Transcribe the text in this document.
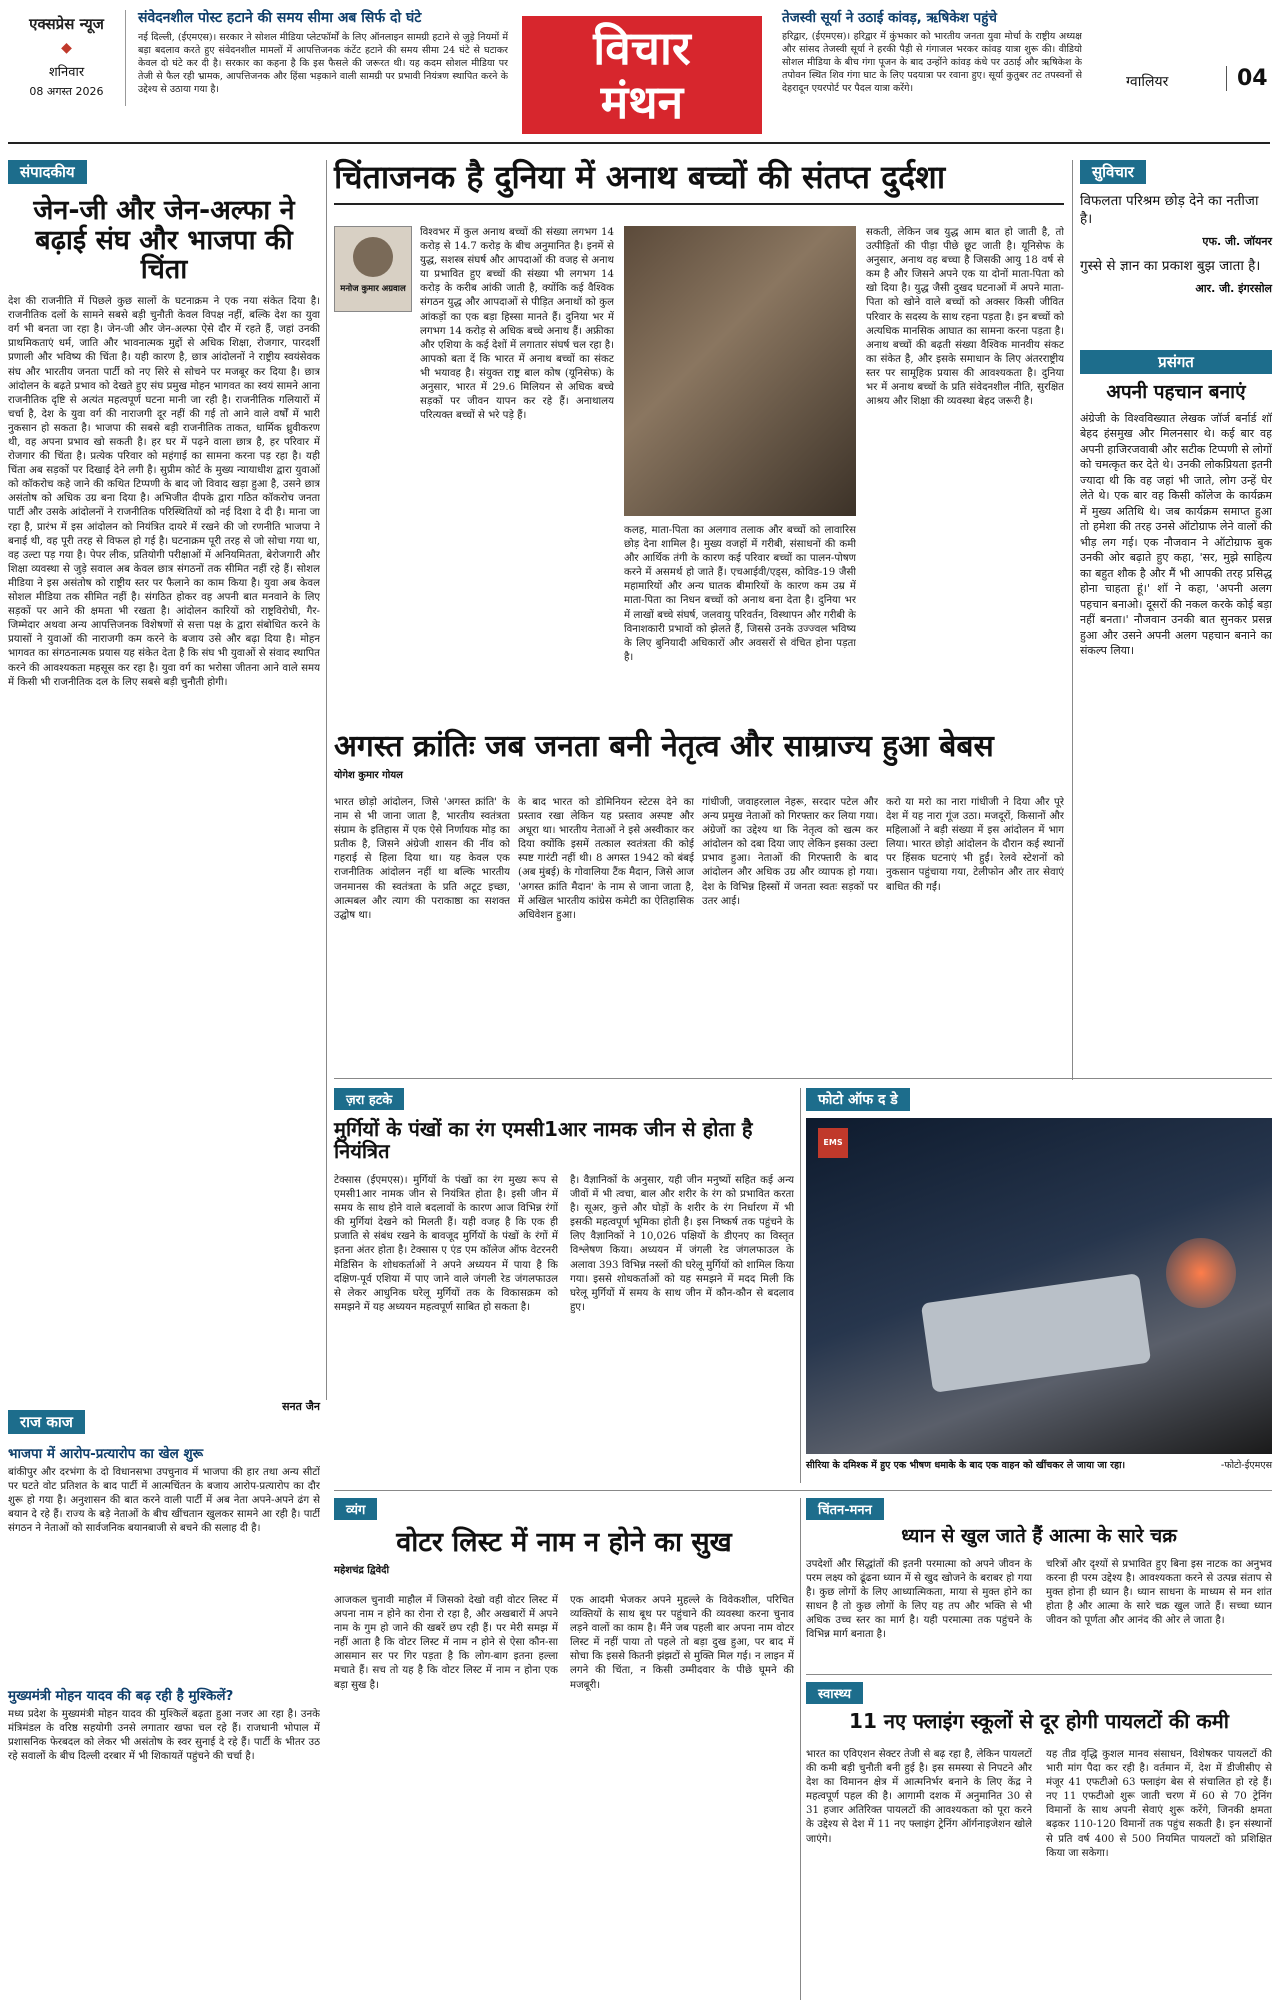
एक्सप्रेस न्यूज
◆
शनिवार
08 अगस्त 2026
संवेदनशील पोस्ट हटाने की समय सीमा अब सिर्फ दो घंटे
नई दिल्ली, (ईएमएस)। सरकार ने सोशल मीडिया प्लेटफॉर्मों के लिए ऑनलाइन सामग्री हटाने से जुड़े नियमों में बड़ा बदलाव करते हुए संवेदनशील मामलों में आपत्तिजनक कंटेंट हटाने की समय सीमा 24 घंटे से घटाकर केवल दो घंटे कर दी है। सरकार का कहना है कि इस फैसले की जरूरत थी। यह कदम सोशल मीडिया पर तेजी से फैल रही भ्रामक, आपत्तिजनक और हिंसा भड़काने वाली सामग्री पर प्रभावी नियंत्रण स्थापित करने के उद्देश्य से उठाया गया है।
विचार
मंथन
तेजस्वी सूर्या ने उठाई कांवड़, ऋषिकेश पहुंचे
हरिद्वार, (ईएमएस)। हरिद्वार में कुंभकार को भारतीय जनता युवा मोर्चा के राष्ट्रीय अध्यक्ष और सांसद तेजस्वी सूर्या ने हरकी पैड़ी से गंगाजल भरकर कांवड़ यात्रा शुरू की। वीडियो सोशल मीडिया के बीच गंगा पूजन के बाद उन्होंने कांवड़ कंधे पर उठाई और ऋषिकेश के तपोवन स्थित शिव गंगा घाट के लिए पदयात्रा पर रवाना हुए। सूर्या कुतुबर तट तपस्वनों से देहरादून एयरपोर्ट पर पैदल यात्रा करेंगे।	ग्वालियर	04
संपादकीय
जेन-जी और जेन-अल्फा ने बढ़ाई संघ और भाजपा की चिंता
देश की राजनीति में पिछले कुछ सालों के घटनाक्रम ने एक नया संकेत दिया है। राजनीतिक दलों के सामने सबसे बड़ी चुनौती केवल विपक्ष नहीं, बल्कि देश का युवा वर्ग भी बनता जा रहा है। जेन-जी और जेन-अल्फा ऐसे दौर में रहते हैं, जहां उनकी प्राथमिकताएं धर्म, जाति और भावनात्मक मुद्दों से अधिक शिक्षा, रोजगार, पारदर्शी प्रणाली और भविष्य की चिंता है। यही कारण है, छात्र आंदोलनों ने राष्ट्रीय स्वयंसेवक संघ और भारतीय जनता पार्टी को नए सिरे से सोचने पर मजबूर कर दिया है। छात्र आंदोलन के बढ़ते प्रभाव को देखते हुए संघ प्रमुख मोहन भागवत का स्वयं सामने आना राजनीतिक दृष्टि से अत्यंत महत्वपूर्ण घटना मानी जा रही है। राजनीतिक गलियारों में चर्चा है, देश के युवा वर्ग की नाराजगी दूर नहीं की गई तो आने वाले वर्षों में भारी नुकसान हो सकता है। भाजपा की सबसे बड़ी राजनीतिक ताकत, धार्मिक ध्रुवीकरण थी, वह अपना प्रभाव खो सकती है। हर घर में पढ़ने वाला छात्र है, हर परिवार में रोजगार की चिंता है। प्रत्येक परिवार को महंगाई का सामना करना पड़ रहा है। यही चिंता अब सड़कों पर दिखाई देने लगी है। सुप्रीम कोर्ट के मुख्य न्यायाधीश द्वारा युवाओं को कॉकरोच कहे जाने की कथित टिप्पणी के बाद जो विवाद खड़ा हुआ है, उसने छात्र असंतोष को अधिक उग्र बना दिया है। अभिजीत दीपके द्वारा गठित कॉकरोच जनता पार्टी और उसके आंदोलनों ने राजनीतिक परिस्थितियों को नई दिशा दे दी है। माना जा रहा है, प्रारंभ में इस आंदोलन को नियंत्रित दायरे में रखने की जो रणनीति भाजपा ने बनाई थी, वह पूरी तरह से विफल हो गई है। घटनाक्रम पूरी तरह से जो सोचा गया था, वह उल्टा पड़ गया है। पेपर लीक, प्रतियोगी परीक्षाओं में अनियमितता, बेरोजगारी और शिक्षा व्यवस्था से जुड़े सवाल अब केवल छात्र संगठनों तक सीमित नहीं रहे हैं। सोशल मीडिया ने इस असंतोष को राष्ट्रीय स्तर पर फैलाने का काम किया है। युवा अब केवल सोशल मीडिया तक सीमित नहीं है। संगठित होकर वह अपनी बात मनवाने के लिए सड़कों पर आने की क्षमता भी रखता है। आंदोलन कारियों को राष्ट्रविरोधी, गैर-जिम्मेदार अथवा अन्य आपत्तिजनक विशेषणों से सत्ता पक्ष के द्वारा संबोधित करने के प्रयासों ने युवाओं की नाराजगी कम करने के बजाय उसे और बढ़ा दिया है। मोहन भागवत का संगठनात्मक प्रयास यह संकेत देता है कि संघ भी युवाओं से संवाद स्थापित करने की आवश्यकता महसूस कर रहा है। युवा वर्ग का भरोसा जीतना आने वाले समय में किसी भी राजनीतिक दल के लिए सबसे बड़ी चुनौती होगी।
सनत जैन
चिंताजनक है दुनिया में अनाथ बच्चों की संतप्त दुर्दशा
मनोज कुमार अग्रवाल
विश्वभर में कुल अनाथ बच्चों की संख्या लगभग 14 करोड़ से 14.7 करोड़ के बीच अनुमानित है। इनमें से युद्ध, सशस्त्र संघर्ष और आपदाओं की वजह से अनाथ या प्रभावित हुए बच्चों की संख्या भी लगभग 14 करोड़ के करीब आंकी जाती है, क्योंकि कई वैश्विक संगठन युद्ध और आपदाओं से पीड़ित अनाथों को कुल आंकड़ों का एक बड़ा हिस्सा मानते हैं। दुनिया भर में लगभग 14 करोड़ से अधिक बच्चे अनाथ हैं। अफ्रीका और एशिया के कई देशों में लगातार संघर्ष चल रहा है। आपको बता दें कि भारत में अनाथ बच्चों का संकट भी भयावह है। संयुक्त राष्ट्र बाल कोष (यूनिसेफ) के अनुसार, भारत में 29.6 मिलियन से अधिक बच्चे सड़कों पर जीवन यापन कर रहे हैं। अनाथालय परित्यक्त बच्चों से भरे पड़े हैं।
कलह, माता-पिता का अलगाव तलाक और बच्चों को लावारिस छोड़ देना शामिल है। मुख्य वजहों में गरीबी, संसाधनों की कमी और आर्थिक तंगी के कारण कई परिवार बच्चों का पालन-पोषण करने में असमर्थ हो जाते हैं। एचआईवी/एड्स, कोविड-19 जैसी महामारियों और अन्य घातक बीमारियों के कारण कम उम्र में माता-पिता का निधन बच्चों को अनाथ बना देता है। दुनिया भर में लाखों बच्चे संघर्ष, जलवायु परिवर्तन, विस्थापन और गरीबी के विनाशकारी प्रभावों को झेलते हैं, जिससे उनके उज्ज्वल भविष्य के लिए बुनियादी अधिकारों और अवसरों से वंचित होना पड़ता है।
सकती, लेकिन जब युद्ध आम बात हो जाती है, तो उत्पीड़ितों की पीड़ा पीछे छूट जाती है। यूनिसेफ के अनुसार, अनाथ वह बच्चा है जिसकी आयु 18 वर्ष से कम है और जिसने अपने एक या दोनों माता-पिता को खो दिया है। युद्ध जैसी दुखद घटनाओं में अपने माता-पिता को खोने वाले बच्चों को अक्सर किसी जीवित परिवार के सदस्य के साथ रहना पड़ता है। इन बच्चों को अत्यधिक मानसिक आघात का सामना करना पड़ता है। अनाथ बच्चों की बढ़ती संख्या वैश्विक मानवीय संकट का संकेत है, और इसके समाधान के लिए अंतरराष्ट्रीय स्तर पर सामूहिक प्रयास की आवश्यकता है। दुनिया भर में अनाथ बच्चों के प्रति संवेदनशील नीति, सुरक्षित आश्रय और शिक्षा की व्यवस्था बेहद जरूरी है।
सुविचार
विफलता परिश्रम छोड़ देने का नतीजा है।
एफ. जी. जॉयनर
गुस्से से ज्ञान का प्रकाश बुझ जाता है।
आर. जी. इंगरसोल
प्रसंगत
अपनी पहचान बनाएं
अंग्रेजी के विश्वविख्यात लेखक जॉर्ज बर्नार्ड शॉ बेहद हंसमुख और मिलनसार थे। कई बार वह अपनी हाजिरजवाबी और सटीक टिप्पणी से लोगों को चमत्कृत कर देते थे। उनकी लोकप्रियता इतनी ज्यादा थी कि वह जहां भी जाते, लोग उन्हें घेर लेते थे। एक बार वह किसी कॉलेज के कार्यक्रम में मुख्य अतिथि थे। जब कार्यक्रम समाप्त हुआ तो हमेशा की तरह उनसे ऑटोग्राफ लेने वालों की भीड़ लग गई। एक नौजवान ने ऑटोग्राफ बुक उनकी ओर बढ़ाते हुए कहा, 'सर, मुझे साहित्य का बहुत शौक है और मैं भी आपकी तरह प्रसिद्ध होना चाहता हूं।' शॉ ने कहा, 'अपनी अलग पहचान बनाओ। दूसरों की नकल करके कोई बड़ा नहीं बनता।' नौजवान उनकी बात सुनकर प्रसन्न हुआ और उसने अपनी अलग पहचान बनाने का संकल्प लिया।
अगस्त क्रांतिः जब जनता बनी नेतृत्व और साम्राज्य हुआ बेबस
योगेश कुमार गोयल
भारत छोड़ो आंदोलन, जिसे 'अगस्त क्रांति' के नाम से भी जाना जाता है, भारतीय स्वतंत्रता संग्राम के इतिहास में एक ऐसे निर्णायक मोड़ का प्रतीक है, जिसने अंग्रेजी शासन की नींव को गहराई से हिला दिया था। यह केवल एक राजनीतिक आंदोलन नहीं था बल्कि भारतीय जनमानस की स्वतंत्रता के प्रति अटूट इच्छा, आत्मबल और त्याग की पराकाष्ठा का सशक्त उद्घोष था।
के बाद भारत को डोमिनियन स्टेटस देने का प्रस्ताव रखा लेकिन यह प्रस्ताव अस्पष्ट और अधूरा था। भारतीय नेताओं ने इसे अस्वीकार कर दिया क्योंकि इसमें तत्काल स्वतंत्रता की कोई स्पष्ट गारंटी नहीं थी। 8 अगस्त 1942 को बंबई (अब मुंबई) के गोवालिया टैंक मैदान, जिसे आज 'अगस्त क्रांति मैदान' के नाम से जाना जाता है, में अखिल भारतीय कांग्रेस कमेटी का ऐतिहासिक अधिवेशन हुआ।
गांधीजी, जवाहरलाल नेहरू, सरदार पटेल और अन्य प्रमुख नेताओं को गिरफ्तार कर लिया गया। अंग्रेजों का उद्देश्य था कि नेतृत्व को खत्म कर आंदोलन को दबा दिया जाए लेकिन इसका उल्टा प्रभाव हुआ। नेताओं की गिरफ्तारी के बाद आंदोलन और अधिक उग्र और व्यापक हो गया। देश के विभिन्न हिस्सों में जनता स्वतः सड़कों पर उतर आई।
करो या मरो का नारा गांधीजी ने दिया और पूरे देश में यह नारा गूंज उठा। मजदूरों, किसानों और महिलाओं ने बड़ी संख्या में इस आंदोलन में भाग लिया। भारत छोड़ो आंदोलन के दौरान कई स्थानों पर हिंसक घटनाएं भी हुईं। रेलवे स्टेशनों को नुकसान पहुंचाया गया, टेलीफोन और तार सेवाएं बाधित की गईं।
ज़रा हटके
मुर्गियों के पंखों का रंग एमसी1आर नामक जीन से होता है नियंत्रित
टेक्सास (ईएमएस)। मुर्गियों के पंखों का रंग मुख्य रूप से एमसी1आर नामक जीन से नियंत्रित होता है। इसी जीन में समय के साथ होने वाले बदलावों के कारण आज विभिन्न रंगों की मुर्गियां देखने को मिलती हैं। यही वजह है कि एक ही प्रजाति से संबंध रखने के बावजूद मुर्गियों के पंखों के रंगों में इतना अंतर होता है। टेक्सास ए एंड एम कॉलेज ऑफ वेटरनरी मेडिसिन के शोधकर्ताओं ने अपने अध्ययन में पाया है कि दक्षिण-पूर्व एशिया में पाए जाने वाले जंगली रेड जंगलफाउल से लेकर आधुनिक घरेलू मुर्गियों तक के विकासक्रम को समझने में यह अध्ययन महत्वपूर्ण साबित हो सकता है।
है। वैज्ञानिकों के अनुसार, यही जीन मनुष्यों सहित कई अन्य जीवों में भी त्वचा, बाल और शरीर के रंग को प्रभावित करता है। सूअर, कुत्ते और घोड़ों के शरीर के रंग निर्धारण में भी इसकी महत्वपूर्ण भूमिका होती है। इस निष्कर्ष तक पहुंचने के लिए वैज्ञानिकों ने 10,026 पक्षियों के डीएनए का विस्तृत विश्लेषण किया। अध्ययन में जंगली रेड जंगलफाउल के अलावा 393 विभिन्न नस्लों की घरेलू मुर्गियों को शामिल किया गया। इससे शोधकर्ताओं को यह समझने में मदद मिली कि घरेलू मुर्गियों में समय के साथ जीन में कौन-कौन से बदलाव हुए।
फोटो ऑफ द डे
EMS
सीरिया के दमिश्क में हुए एक भीषण धमाके के बाद एक वाहन को खींचकर ले जाया जा रहा।	-फोटो-ईएमएस
राज काज
भाजपा में आरोप-प्रत्यारोप का खेल शुरू
बांकीपुर और दरभंगा के दो विधानसभा उपचुनाव में भाजपा की हार तथा अन्य सीटों पर घटते वोट प्रतिशत के बाद पार्टी में आत्मचिंतन के बजाय आरोप-प्रत्यारोप का दौर शुरू हो गया है। अनुशासन की बात करने वाली पार्टी में अब नेता अपने-अपने ढंग से बयान दे रहे हैं। राज्य के बड़े नेताओं के बीच खींचतान खुलकर सामने आ रही है। पार्टी संगठन ने नेताओं को सार्वजनिक बयानबाजी से बचने की सलाह दी है।
मुख्यमंत्री मोहन यादव की बढ़ रही है मुश्किलें?
मध्य प्रदेश के मुख्यमंत्री मोहन यादव की मुश्किलें बढ़ता हुआ नजर आ रहा है। उनके मंत्रिमंडल के वरिष्ठ सहयोगी उनसे लगातार खफा चल रहे हैं। राजधानी भोपाल में प्रशासनिक फेरबदल को लेकर भी असंतोष के स्वर सुनाई दे रहे हैं। पार्टी के भीतर उठ रहे सवालों के बीच दिल्ली दरबार में भी शिकायतें पहुंचने की चर्चा है।
व्यंग
वोटर लिस्ट में नाम न होने का सुख
महेशचंद्र द्विवेदी
आजकल चुनावी माहौल में जिसको देखो वही वोटर लिस्ट में अपना नाम न होने का रोना रो रहा है, और अखबारों में अपने नाम के गुम हो जाने की खबरें छप रही हैं। पर मेरी समझ में नहीं आता है कि वोटर लिस्ट में नाम न होने से ऐसा कौन-सा आसमान सर पर गिर पड़ता है कि लोग-बाग इतना हल्ला मचाते हैं। सच तो यह है कि वोटर लिस्ट में नाम न होना एक बड़ा सुख है।
एक आदमी भेजकर अपने मुहल्ले के विवेकशील, परिचित व्यक्तियों के साथ बूथ पर पहुंचाने की व्यवस्था करना चुनाव लड़ने वालों का काम है। मैंने जब पहली बार अपना नाम वोटर लिस्ट में नहीं पाया तो पहले तो बड़ा दुख हुआ, पर बाद में सोचा कि इससे कितनी झंझटों से मुक्ति मिल गई। न लाइन में लगने की चिंता, न किसी उम्मीदवार के पीछे घूमने की मजबूरी।
चिंतन-मनन
ध्यान से खुल जाते हैं आत्मा के सारे चक्र
उपदेशों और सिद्धांतों की इतनी परमात्मा को अपने जीवन के परम लक्ष्य को ढूंढना ध्यान में से खुद खोजने के बराबर हो गया है। कुछ लोगों के लिए आध्यात्मिकता, माया से मुक्त होने का साधन है तो कुछ लोगों के लिए यह तप और भक्ति से भी अधिक उच्च स्तर का मार्ग है। यही परमात्मा तक पहुंचने के विभिन्न मार्ग बनाता है।
चरित्रों और दृश्यों से प्रभावित हुए बिना इस नाटक का अनुभव करना ही परम उद्देश्य है। आवश्यकता करने से उत्पन्न संताप से मुक्त होना ही ध्यान है। ध्यान साधना के माध्यम से मन शांत होता है और आत्मा के सारे चक्र खुल जाते हैं। सच्चा ध्यान जीवन को पूर्णता और आनंद की ओर ले जाता है।
स्वास्थ्य
11 नए फ्लाइंग स्कूलों से दूर होगी पायलटों की कमी
भारत का एविएशन सेक्टर तेजी से बढ़ रहा है, लेकिन पायलटों की कमी बड़ी चुनौती बनी हुई है। इस समस्या से निपटने और देश का विमानन क्षेत्र में आत्मनिर्भर बनाने के लिए केंद्र ने महत्वपूर्ण पहल की है। आगामी दशक में अनुमानित 30 से 31 हजार अतिरिक्त पायलटों की आवश्यकता को पूरा करने के उद्देश्य से देश में 11 नए फ्लाइंग ट्रेनिंग ऑर्गनाइजेशन खोले जाएंगे।
यह तीव्र वृद्धि कुशल मानव संसाधन, विशेषकर पायलटों की भारी मांग पैदा कर रही है। वर्तमान में, देश में डीजीसीए से मंजूर 41 एफटीओ 63 फ्लाइंग बेस से संचालित हो रहे हैं। नए 11 एफटीओ शुरू जाती चरण में 60 से 70 ट्रेनिंग विमानों के साथ अपनी सेवाएं शुरू करेंगे, जिनकी क्षमता बढ़कर 110-120 विमानों तक पहुंच सकती है। इन संस्थानों से प्रति वर्ष 400 से 500 नियमित पायलटों को प्रशिक्षित किया जा सकेगा।
